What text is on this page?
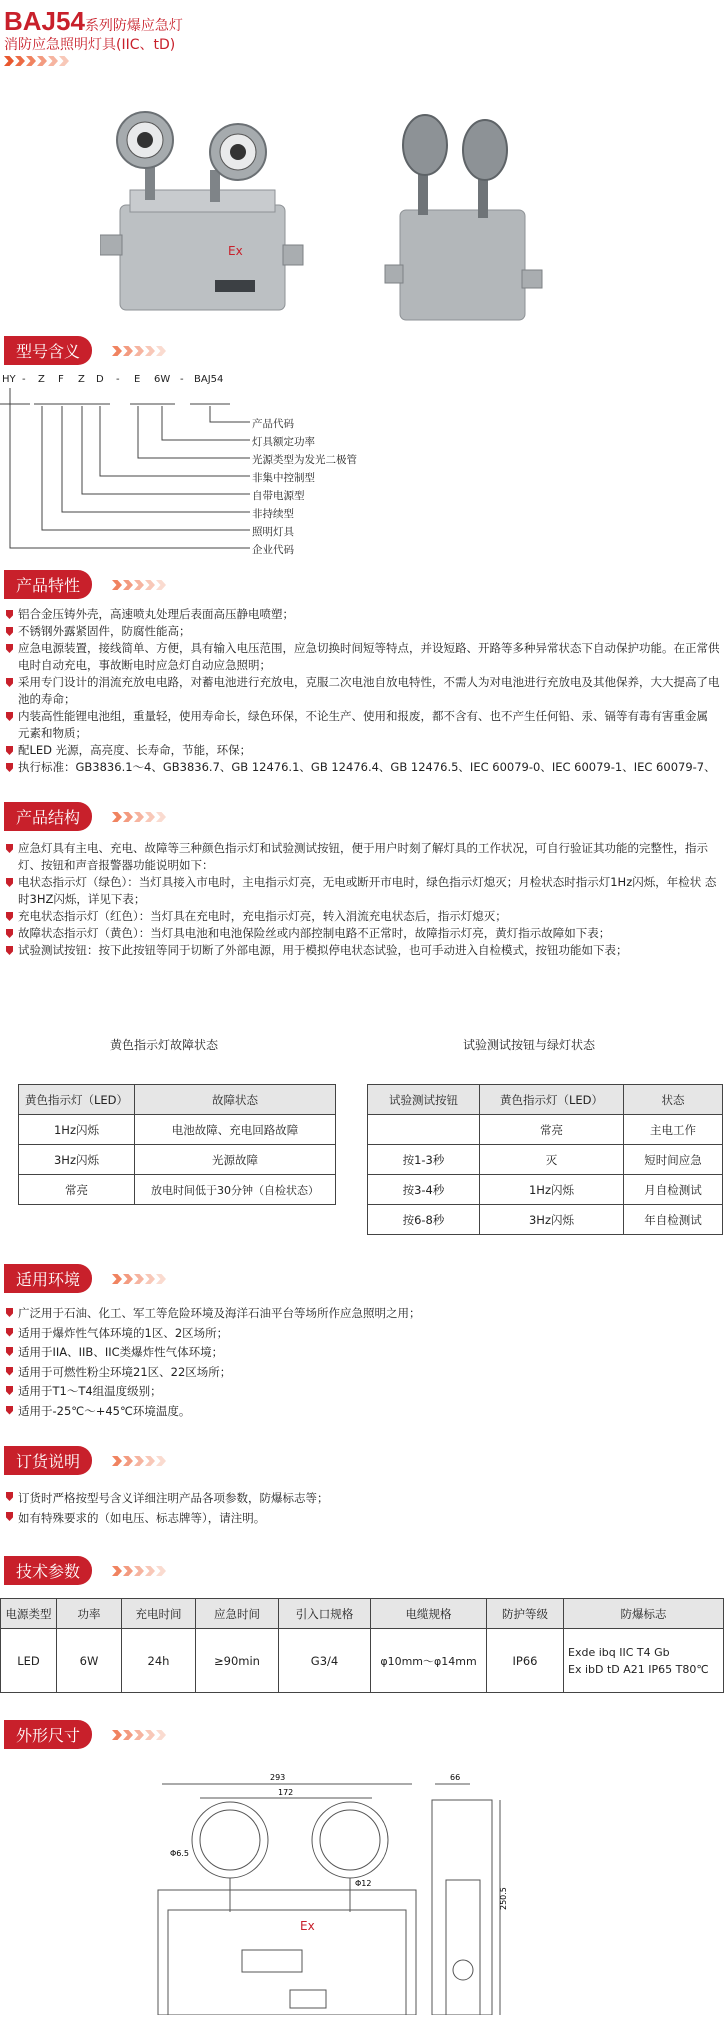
BAJ54系列防爆应急灯
消防应急照明灯具(IIC、tD)
Ex
型号含义
HY - Z F Z D - E 6W - BAJ54
产品代码
灯具额定功率
光源类型为发光二极管
非集中控制型
自带电源型
非持续型
照明灯具
企业代码
产品特性
铝合金压铸外壳，高速喷丸处理后表面高压静电喷塑；
不锈钢外露紧固件，防腐性能高；
应急电源装置，接线简单、方便，具有输入电压范围，应急切换时间短等特点，并设短路、开路等多种异常状态下自动保护功能。在正常供电时自动充电，事故断电时应急灯自动应急照明；
采用专门设计的涓流充放电电路，对蓄电池进行充放电，克服二次电池自放电特性，不需人为对电池进行充放电及其他保养，大大提高了电池的寿命；
内装高性能锂电池组，重量轻，使用寿命长，绿色环保，不论生产、使用和报废，都不含有、也不产生任何铅、汞、镉等有毒有害重金属 元素和物质；
配LED 光源，高亮度、长寿命，节能，环保；
执行标准：GB3836.1～4、GB3836.7、GB 12476.1、GB 12476.4、GB 12476.5、IEC 60079-0、IEC 60079-1、IEC 60079-7、
产品结构
应急灯具有主电、充电、故障等三种颜色指示灯和试验测试按钮，便于用户时刻了解灯具的工作状况，可自行验证其功能的完整性，指示灯、按钮和声音报警器功能说明如下：
电状态指示灯（绿色）：当灯具接入市电时，主电指示灯亮，无电或断开市电时，绿色指示灯熄灭；月检状态时指示灯1Hz闪烁，年检状 态时3HZ闪烁，详见下表；
充电状态指示灯（红色）：当灯具在充电时，充电指示灯亮，转入涓流充电状态后，指示灯熄灭；
故障状态指示灯（黄色）：当灯具电池和电池保险丝或内部控制电路不正常时，故障指示灯亮，黄灯指示故障如下表；
试验测试按钮：按下此按钮等同于切断了外部电源，用于模拟停电状态试验，也可手动进入自检模式，按钮功能如下表；
黄色指示灯故障状态	试验测试按钮与绿灯状态
黄色指示灯（LED）	故障状态
1Hz闪烁	电池故障、充电回路故障
3Hz闪烁	光源故障
常亮	放电时间低于30分钟（自检状态）
试验测试按钮	黄色指示灯（LED）	状态
	常亮	主电工作
按1-3秒	灭	短时间应急
按3-4秒	1Hz闪烁	月自检测试
按6-8秒	3Hz闪烁	年自检测试
适用环境
广泛用于石油、化工、军工等危险环境及海洋石油平台等场所作应急照明之用；
适用于爆炸性气体环境的1区、2区场所；
适用于IIA、IIB、IIC类爆炸性气体环境；
适用于可燃性粉尘环境21区、22区场所；
适用于T1～T4组温度级别；
适用于-25℃～+45℃环境温度。
订货说明
订货时严格按型号含义详细注明产品各项参数，防爆标志等；
如有特殊要求的（如电压、标志牌等），请注明。
技术参数
电源类型	功率	充电时间	应急时间	引入口规格	电缆规格	防护等级	防爆标志
LED	6W	24h	≥90min	G3/4	φ10mm～φ14mm	IP66	Exde ibq IIC T4 Gb
Ex ibD tD A21 IP65 T80℃
外形尺寸
293
172
66
250.5
Φ6.5
Φ12
Ex
